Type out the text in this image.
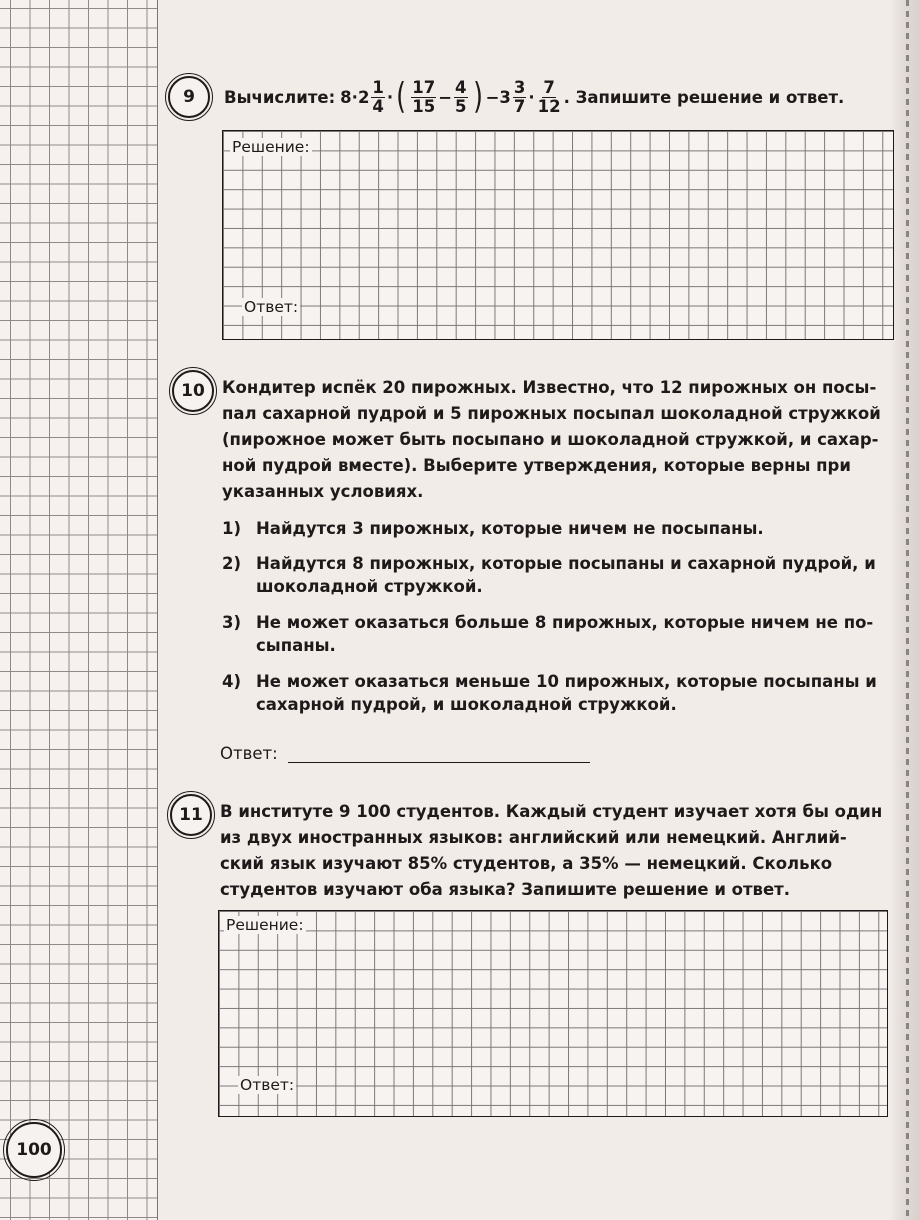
9 Вычислите: $8 \cdot 2 \frac{1}{4}$ · ( $\frac{17}{15} - \frac{4}{5}$ ) − $3 \frac{3}{7} \cdot \frac{7}{12}$ . Запишите решение и ответ.
Решение:
Ответ:
10 Кондитер испёк 20 пирожных. Известно, что 12 пирожных он посы-
пал сахарной пудрой и 5 пирожных посыпал шоколадной стружкой
(пирожное может быть посыпано и шоколадной стружкой, и сахар-
ной пудрой вместе). Выберите утверждения, которые верны при
указанных условиях.
1) Найдутся 3 пирожных, которые ничем не посыпаны.
2) Найдутся 8 пирожных, которые посыпаны и сахарной пудрой, и
шоколадной стружкой.
3) Не может оказаться больше 8 пирожных, которые ничем не по-
сыпаны.
4) Не может оказаться меньше 10 пирожных, которые посыпаны и
сахарной пудрой, и шоколадной стружкой.
Ответ:
11 В институте 9 100 студентов. Каждый студент изучает хотя бы один
из двух иностранных языков: английский или немецкий. Англий-
ский язык изучают 85% студентов, а 35% — немецкий. Сколько
студентов изучают оба языка? Запишите решение и ответ.
Решение:
Ответ:
100
